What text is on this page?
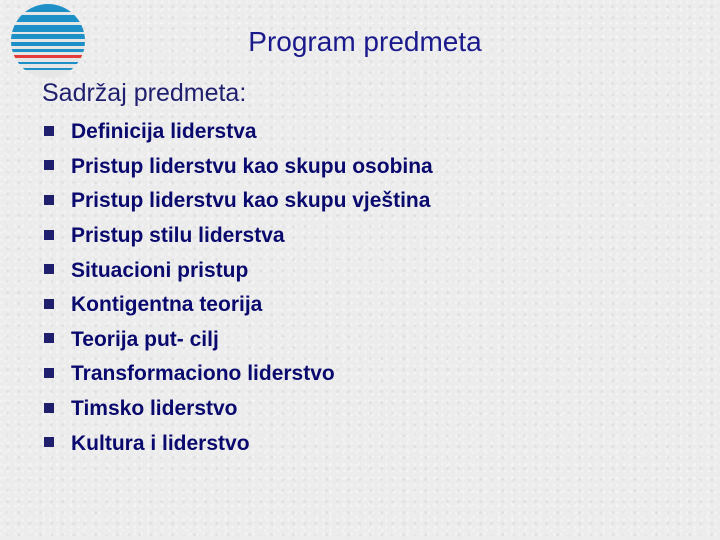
Program predmeta
Sadržaj predmeta:
Definicija liderstva
Pristup liderstvu kao skupu osobina
Pristup liderstvu kao skupu vještina
Pristup stilu liderstva
Situacioni pristup
Kontigentna teorija
Teorija put- cilj
Transformaciono liderstvo
Timsko liderstvo
Kultura i liderstvo
